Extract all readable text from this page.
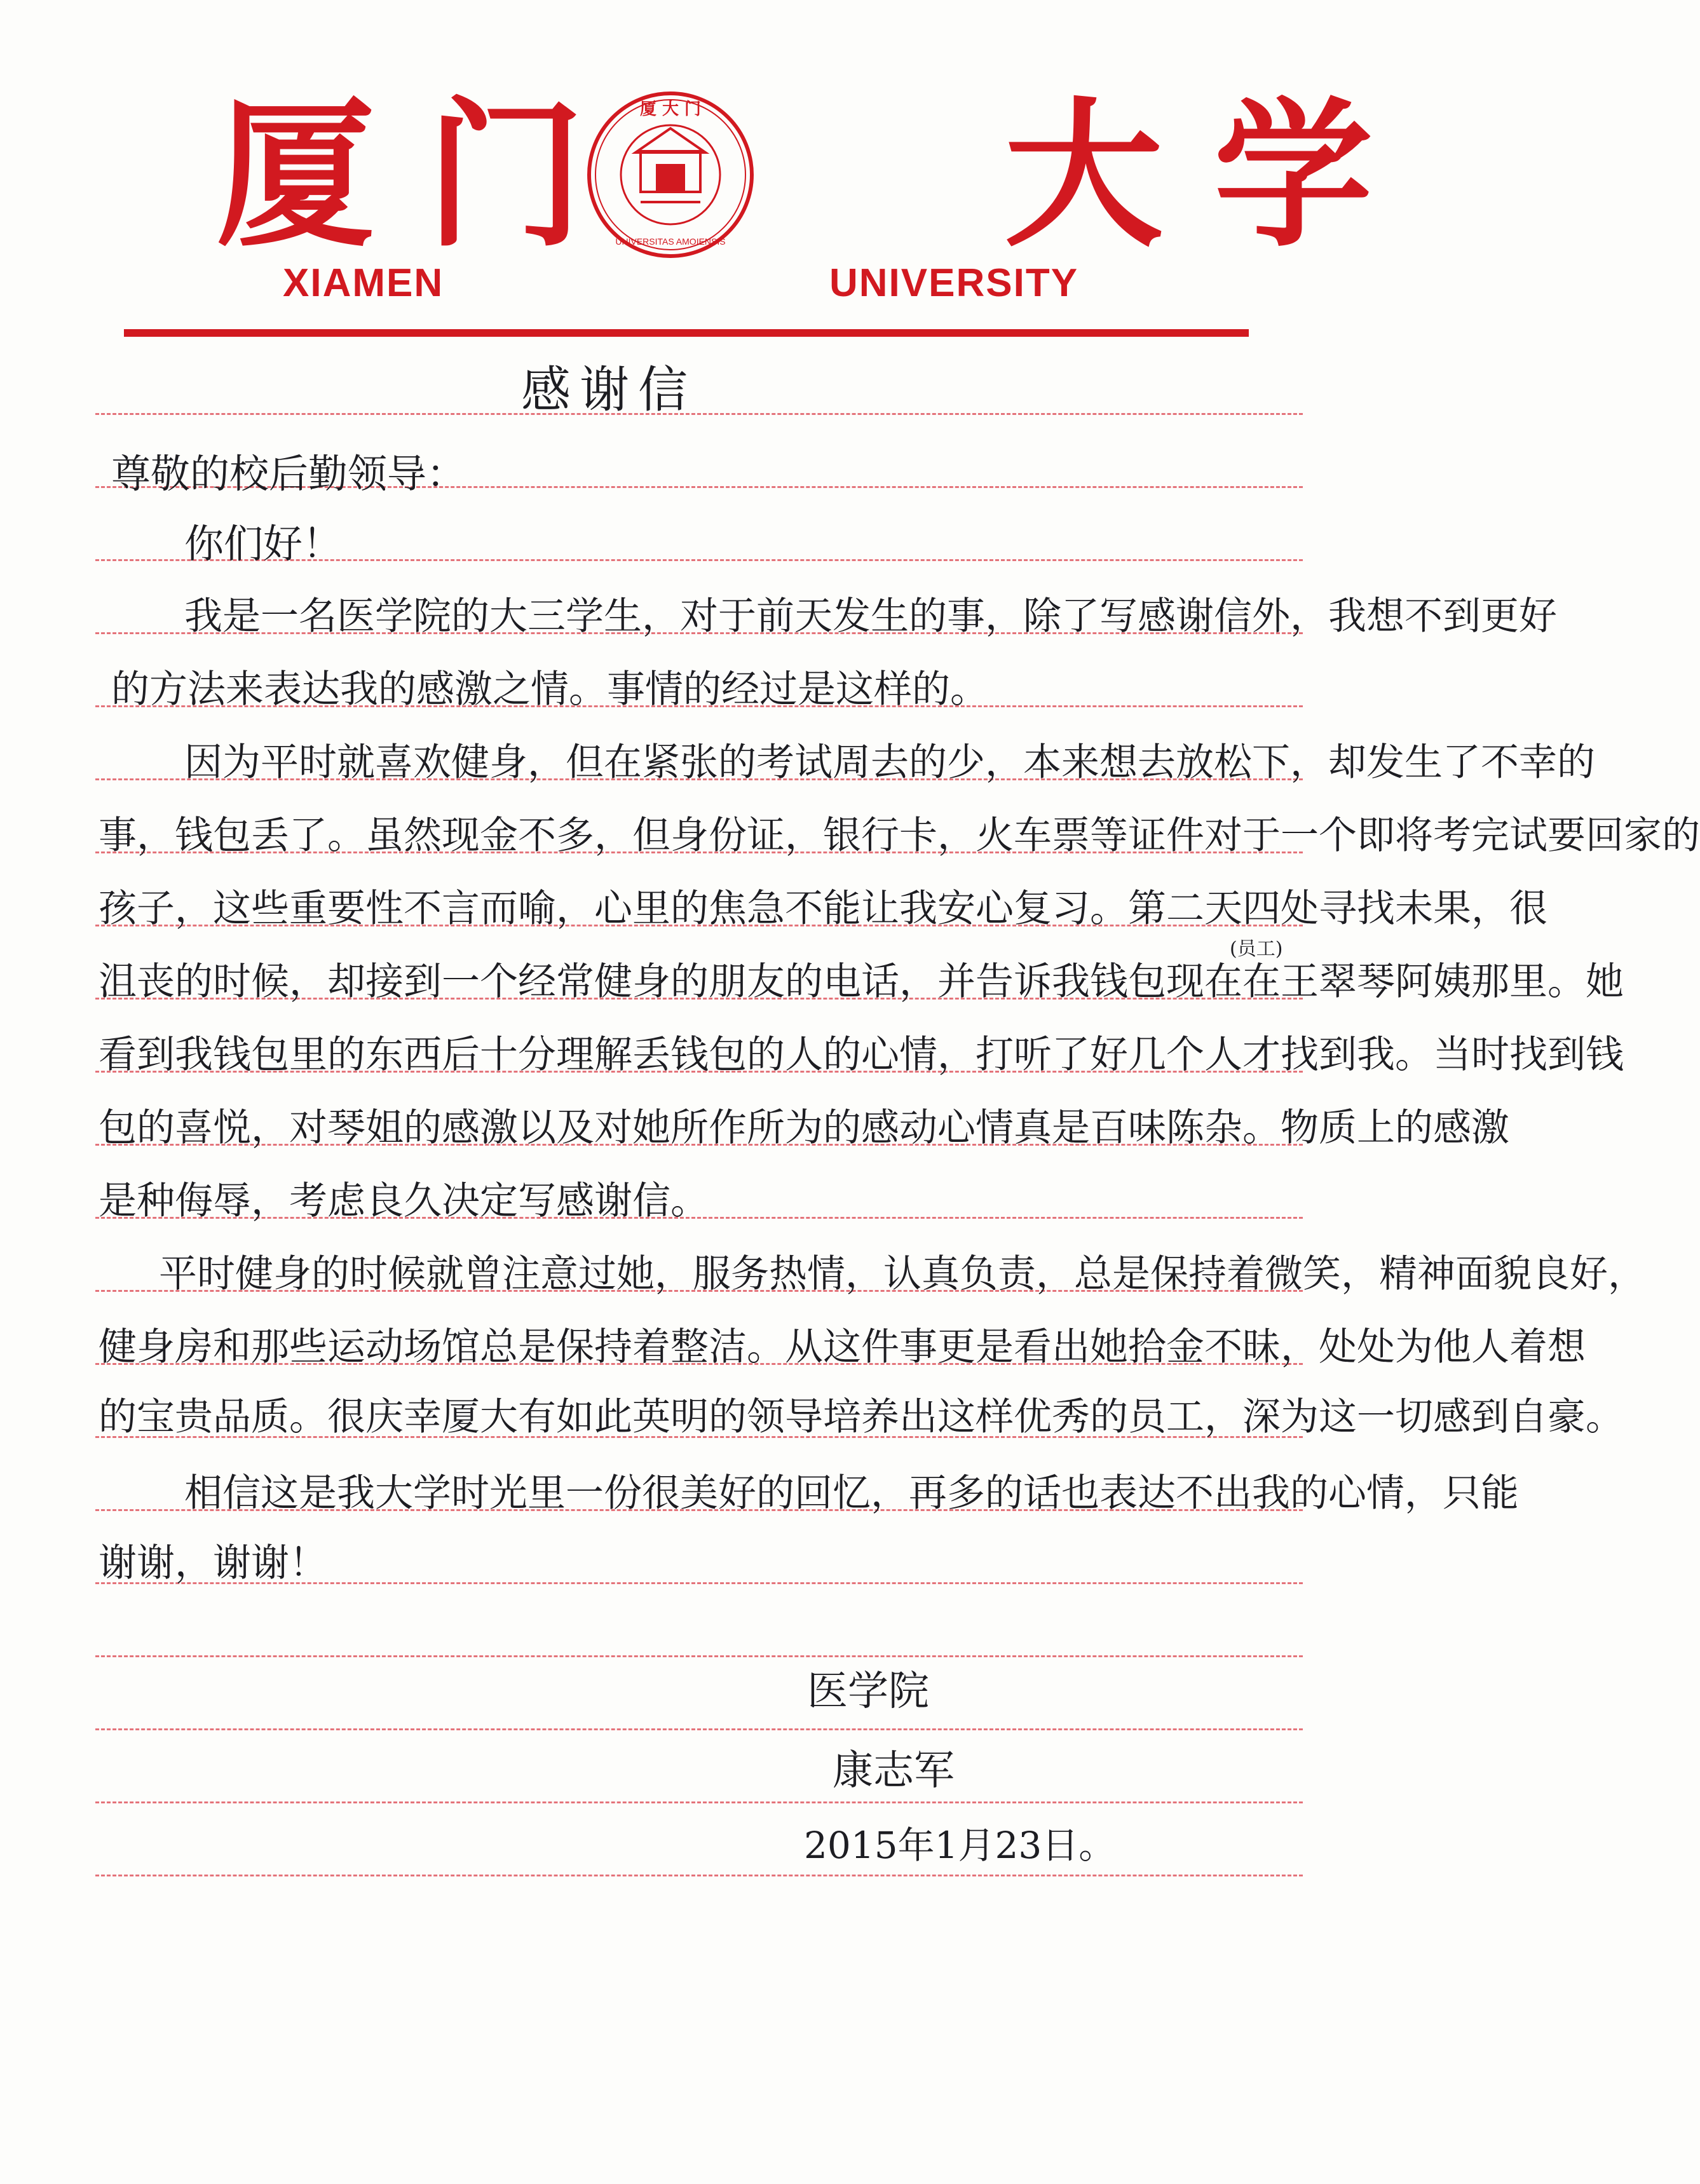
厦门 厦 大 门
UNIVERSITAS AMOIENSIS 大学
XIAMEN	UNIVERSITY
感谢信
尊敬的校后勤领导：
你们好！
我是一名医学院的大三学生，对于前天发生的事，除了写感谢信外，我想不到更好
的方法来表达我的感激之情。事情的经过是这样的。
因为平时就喜欢健身，但在紧张的考试周去的少，本来想去放松下，却发生了不幸的
事，钱包丢了。虽然现金不多，但身份证，银行卡，火车票等证件对于一个即将考完试要回家的
孩子，这些重要性不言而喻，心里的焦急不能让我安心复习。第二天四处寻找未果，很
(员工)
沮丧的时候，却接到一个经常健身的朋友的电话，并告诉我钱包现在在王翠琴阿姨那里。她
看到我钱包里的东西后十分理解丢钱包的人的心情，打听了好几个人才找到我。当时找到钱
包的喜悦，对琴姐的感激以及对她所作所为的感动心情真是百味陈杂。物质上的感激
是种侮辱，考虑良久决定写感谢信。
平时健身的时候就曾注意过她，服务热情，认真负责，总是保持着微笑，精神面貌良好，
健身房和那些运动场馆总是保持着整洁。从这件事更是看出她拾金不昧，处处为他人着想
的宝贵品质。很庆幸厦大有如此英明的领导培养出这样优秀的员工，深为这一切感到自豪。
相信这是我大学时光里一份很美好的回忆，再多的话也表达不出我的心情，只能
谢谢，谢谢！
医学院
康志军
2015年1月23日。
